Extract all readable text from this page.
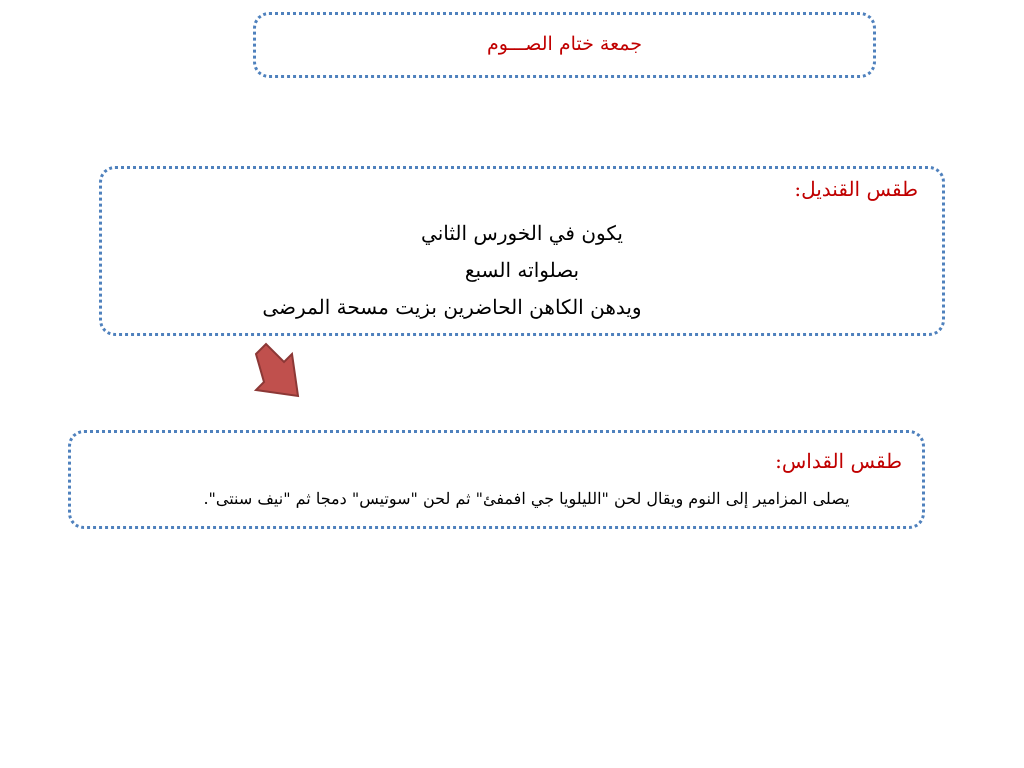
جمعة ختام الصـــوم
طقس القنديل:
يكون في الخورس الثاني
بصلواته السبع
ويدهن الكاهن الحاضرين بزيت مسحة المرضى
طقس القداس:
يصلى المزامير إلى النوم ويقال لحن "الليلويا جي افمفئ" ثم لحن "سوتيس" دمجا ثم "نيف سنتى".
